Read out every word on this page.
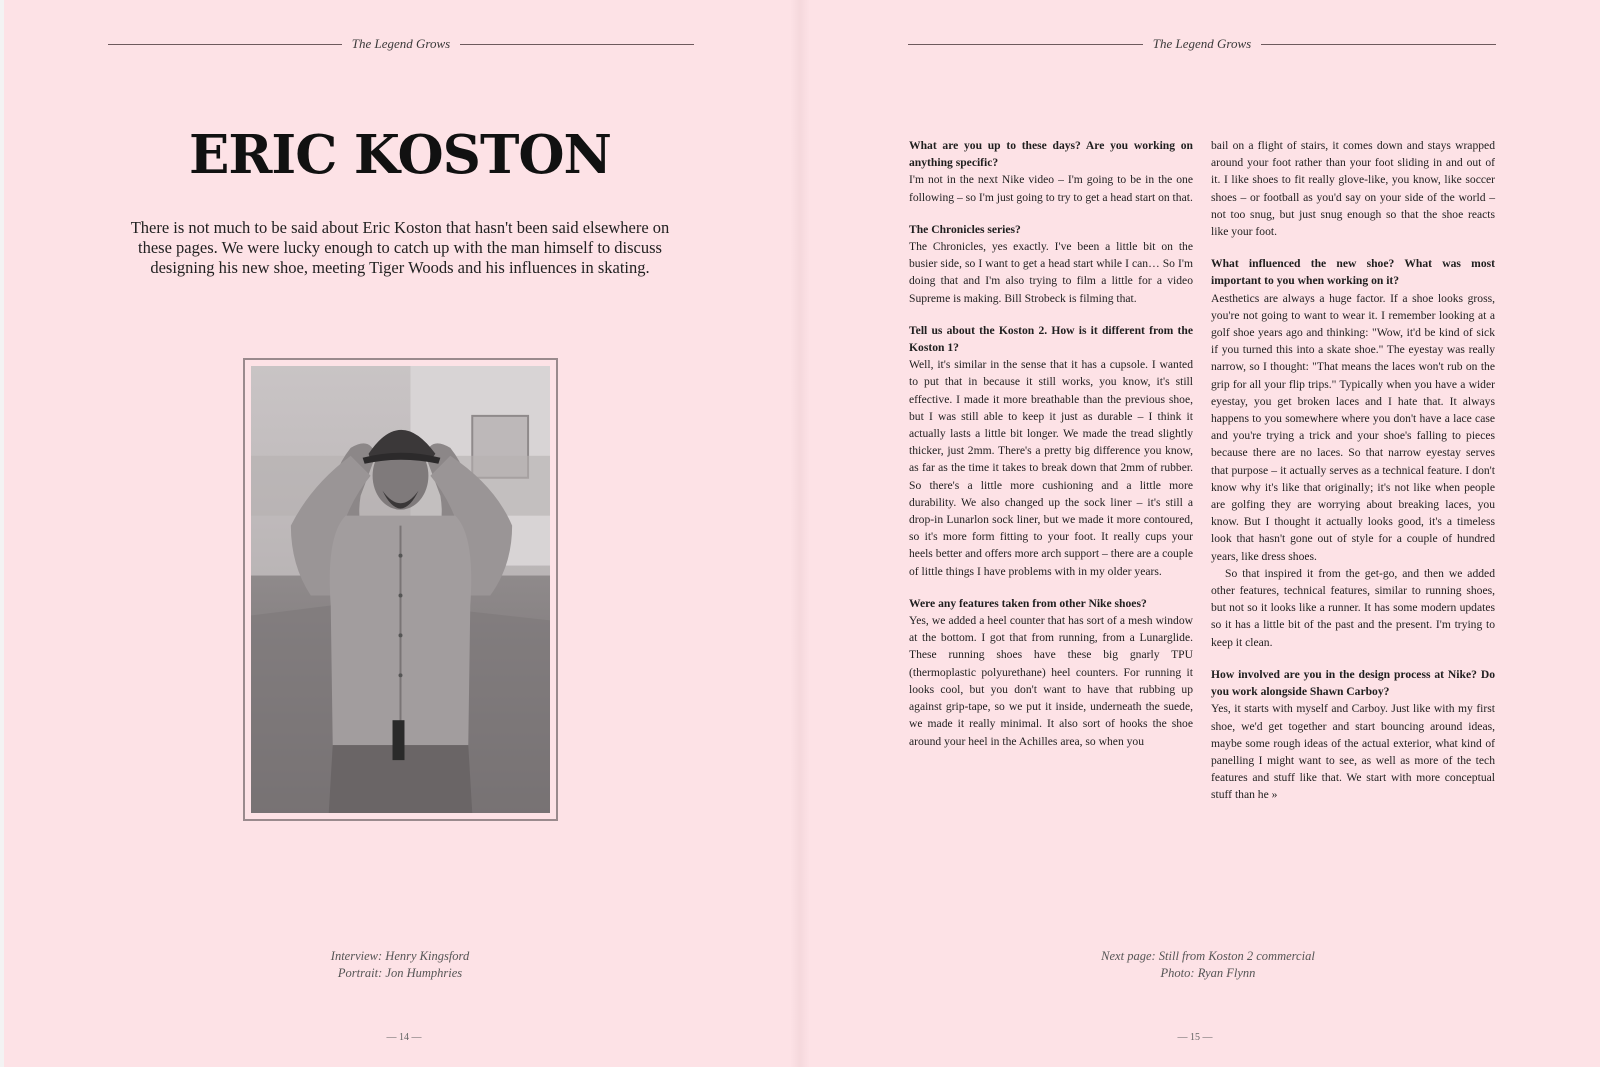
The Legend Grows
ERIC KOSTON

There is not much to be said about Eric Koston that hasn't been said elsewhere on these pages. We were lucky enough to catch up with the man himself to discuss designing his new shoe, meeting Tiger Woods and his influences in skating.

Interview: Henry Kingsford
Portrait: Jon Humphries
— 14 —
The Legend Grows

What are you up to these days? Are you working on anything specific?

I'm not in the next Nike video – I'm going to be in the one following – so I'm just going to try to get a head start on that.

The Chronicles series?

The Chronicles, yes exactly. I've been a little bit on the busier side, so I want to get a head start while I can… So I'm doing that and I'm also trying to film a little for a video Supreme is making. Bill Strobeck is filming that.

Tell us about the Koston 2. How is it different from the Koston 1?

Well, it's similar in the sense that it has a cupsole. I wanted to put that in because it still works, you know, it's still effective. I made it more breathable than the previous shoe, but I was still able to keep it just as durable – I think it actually lasts a little bit longer. We made the tread slightly thicker, just 2mm. There's a pretty big difference you know, as far as the time it takes to break down that 2mm of rubber. So there's a little more cushioning and a little more durability. We also changed up the sock liner – it's still a drop-in Lunarlon sock liner, but we made it more contoured, so it's more form fitting to your foot. It really cups your heels better and offers more arch support – there are a couple of little things I have problems with in my older years.

Were any features taken from other Nike shoes?

Yes, we added a heel counter that has sort of a mesh window at the bottom. I got that from running, from a Lunarglide. These running shoes have these big gnarly TPU (thermoplastic polyurethane) heel counters. For running it looks cool, but you don't want to have that rubbing up against grip-tape, so we put it inside, underneath the suede, we made it really minimal. It also sort of hooks the shoe around your heel in the Achilles area, so when you

bail on a flight of stairs, it comes down and stays wrapped around your foot rather than your foot sliding in and out of it. I like shoes to fit really glove-like, you know, like soccer shoes – or football as you'd say on your side of the world – not too snug, but just snug enough so that the shoe reacts like your foot.

What influenced the new shoe? What was most important to you when working on it?

Aesthetics are always a huge factor. If a shoe looks gross, you're not going to want to wear it. I remember looking at a golf shoe years ago and thinking: "Wow, it'd be kind of sick if you turned this into a skate shoe." The eyestay was really narrow, so I thought: "That means the laces won't rub on the grip for all your flip trips." Typically when you have a wider eyestay, you get broken laces and I hate that. It always happens to you somewhere where you don't have a lace case and you're trying a trick and your shoe's falling to pieces because there are no laces. So that narrow eyestay serves that purpose – it actually serves as a technical feature. I don't know why it's like that originally; it's not like when people are golfing they are worrying about breaking laces, you know. But I thought it actually looks good, it's a timeless look that hasn't gone out of style for a couple of hundred years, like dress shoes.

So that inspired it from the get-go, and then we added other features, technical features, similar to running shoes, but not so it looks like a runner. It has some modern updates so it has a little bit of the past and the present. I'm trying to keep it clean.

How involved are you in the design process at Nike? Do you work alongside Shawn Carboy?

Yes, it starts with myself and Carboy. Just like with my first shoe, we'd get together and start bouncing around ideas, maybe some rough ideas of the actual exterior, what kind of panelling I might want to see, as well as more of the tech features and stuff like that. We start with more conceptual stuff than he »

Next page: Still from Koston 2 commercial
Photo: Ryan Flynn
— 15 —
